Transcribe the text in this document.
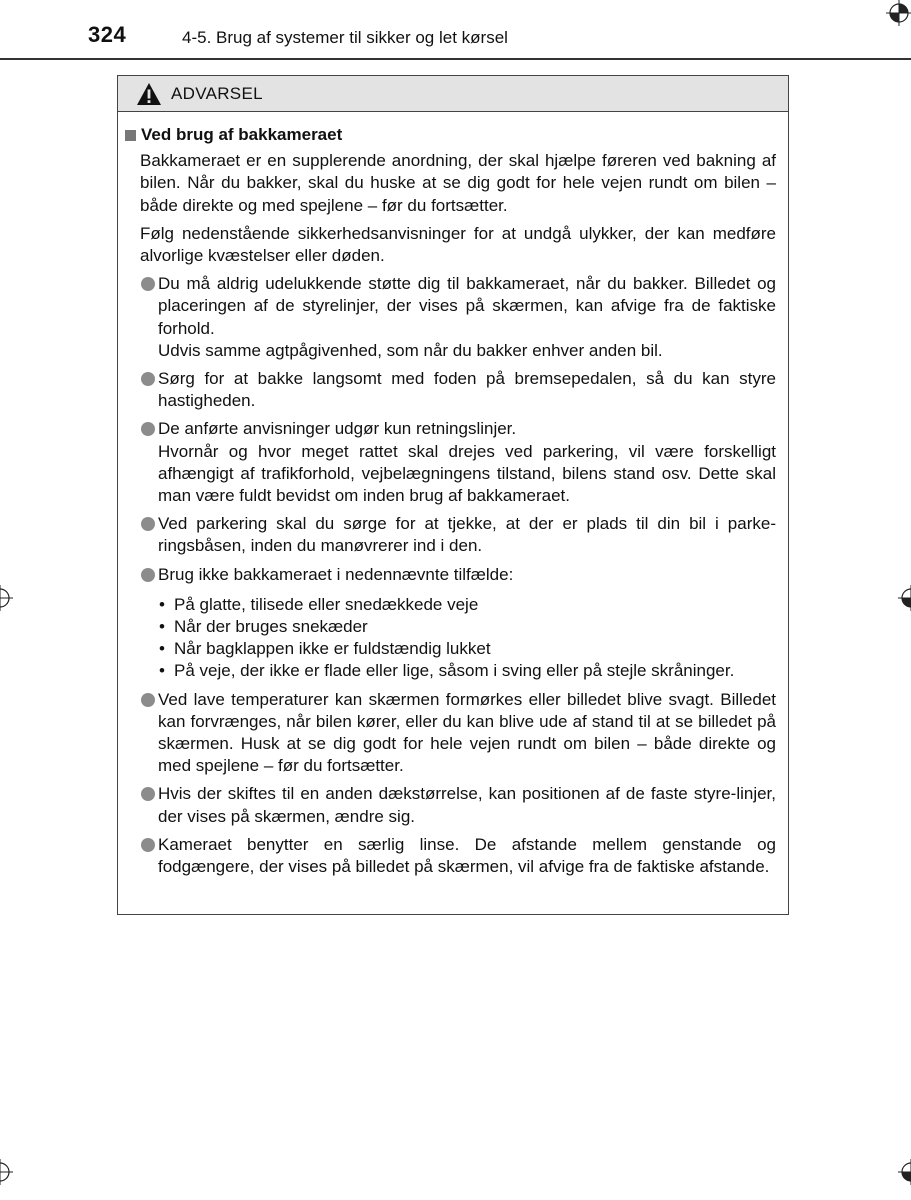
324	4-5. Brug af systemer til sikker og let kørsel
ADVARSEL
Ved brug af bakkameraet

Bakkameraet er en supplerende anordning, der skal hjælpe føreren ved bakning af bilen. Når du bakker, skal du huske at se dig godt for hele vejen rundt om bilen – både direkte og med spejlene – før du fortsætter.

Følg nedenstående sikkerhedsanvisninger for at undgå ulykker, der kan medføre alvorlige kvæstelser eller døden.

Du må aldrig udelukkende støtte dig til bakkameraet, når du bakker. Billedet og placeringen af de styrelinjer, der vises på skærmen, kan afvige fra de faktiske forhold.
Udvis samme agtpågivenhed, som når du bakker enhver anden bil.
Sørg for at bakke langsomt med foden på bremsepedalen, så du kan styre hastigheden.
De anførte anvisninger udgør kun retningslinjer.
Hvornår og hvor meget rattet skal drejes ved parkering, vil være forskelligt afhængigt af trafikforhold, vejbelægningens tilstand, bilens stand osv. Dette skal man være fuldt bevidst om inden brug af bakkameraet.
Ved parkering skal du sørge for at tjekke, at der er plads til din bil i parke-ringsbåsen, inden du manøvrerer ind i den.
Brug ikke bakkameraet i nedennævnte tilfælde:
• På glatte, tilisede eller snedækkede veje
• Når der bruges snekæder
• Når bagklappen ikke er fuldstændig lukket
• På veje, der ikke er flade eller lige, såsom i sving eller på stejle skråninger.
Ved lave temperaturer kan skærmen formørkes eller billedet blive svagt. Billedet kan forvrænges, når bilen kører, eller du kan blive ude af stand til at se billedet på skærmen. Husk at se dig godt for hele vejen rundt om bilen – både direkte og med spejlene – før du fortsætter.
Hvis der skiftes til en anden dækstørrelse, kan positionen af de faste styre-linjer, der vises på skærmen, ændre sig.
Kameraet benytter en særlig linse. De afstande mellem genstande og fodgængere, der vises på billedet på skærmen, vil afvige fra de faktiske afstande.
